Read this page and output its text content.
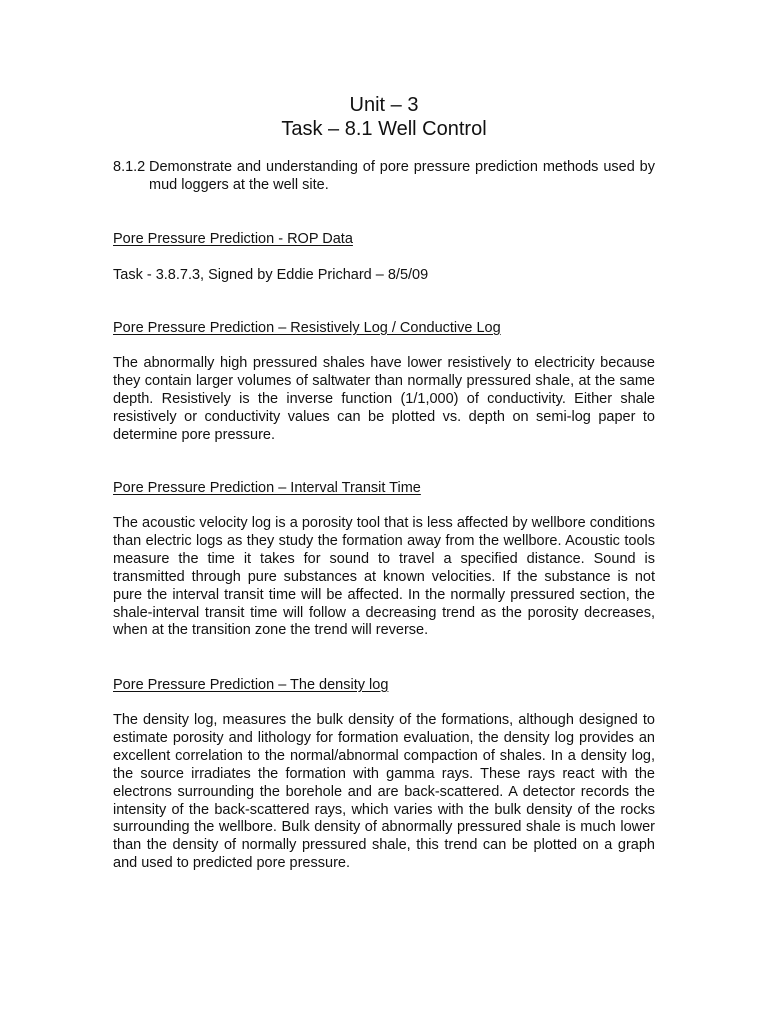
Unit – 3
Task – 8.1 Well Control
8.1.2 Demonstrate and understanding of pore pressure prediction methods used by mud loggers at the well site.
Pore Pressure Prediction - ROP Data
Task - 3.8.7.3, Signed by Eddie Prichard – 8/5/09
Pore Pressure Prediction – Resistively Log / Conductive Log
The abnormally high pressured shales have lower resistively to electricity because they contain larger volumes of saltwater than normally pressured shale, at the same depth. Resistively is the inverse function (1/1,000) of conductivity. Either shale resistively or conductivity values can be plotted vs. depth on semi-log paper to determine pore pressure.
Pore Pressure Prediction – Interval Transit Time
The acoustic velocity log is a porosity tool that is less affected by wellbore conditions than electric logs as they study the formation away from the wellbore. Acoustic tools measure the time it takes for sound to travel a specified distance. Sound is transmitted through pure substances at known velocities. If the substance is not pure the interval transit time will be affected. In the normally pressured section, the shale-interval transit time will follow a decreasing trend as the porosity decreases, when at the transition zone the trend will reverse.
Pore Pressure Prediction – The density log
The density log, measures the bulk density of the formations, although designed to estimate porosity and lithology for formation evaluation, the density log provides an excellent correlation to the normal/abnormal compaction of shales. In a density log, the source irradiates the formation with gamma rays. These rays react with the electrons surrounding the borehole and are back-scattered. A detector records the intensity of the back-scattered rays, which varies with the bulk density of the rocks surrounding the wellbore. Bulk density of abnormally pressured shale is much lower than the density of normally pressured shale, this trend can be plotted on a graph and used to predicted pore pressure.
